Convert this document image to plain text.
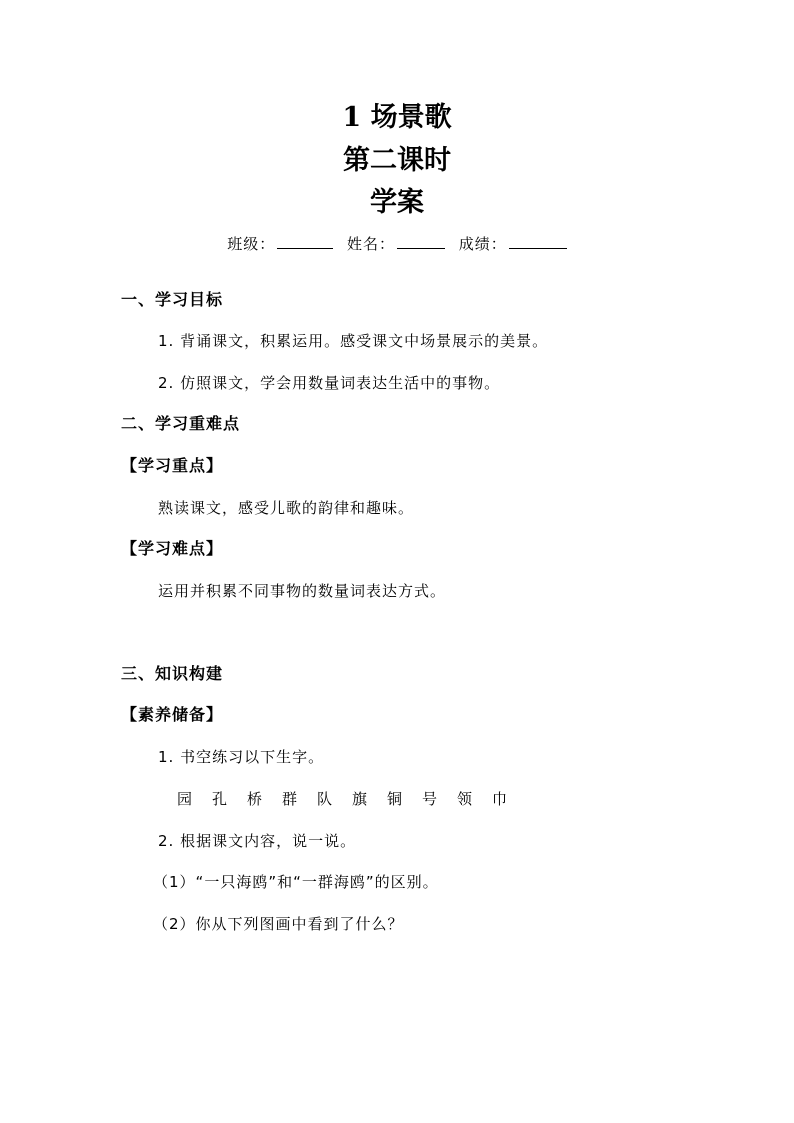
1 场景歌
第二课时
学案
班级：	姓名：	成绩：
一、学习目标
1. 背诵课文，积累运用。感受课文中场景展示的美景。
2. 仿照课文，学会用数量词表达生活中的事物。
二、学习重难点
【学习重点】
熟读课文，感受儿歌的韵律和趣味。
【学习难点】
运用并积累不同事物的数量词表达方式。
三、知识构建
【素养储备】
1. 书空练习以下生字。
园 孔 桥 群 队 旗 铜 号 领 巾
2. 根据课文内容，说一说。
（1）“一只海鸥”和“一群海鸥”的区别。
（2）你从下列图画中看到了什么？
